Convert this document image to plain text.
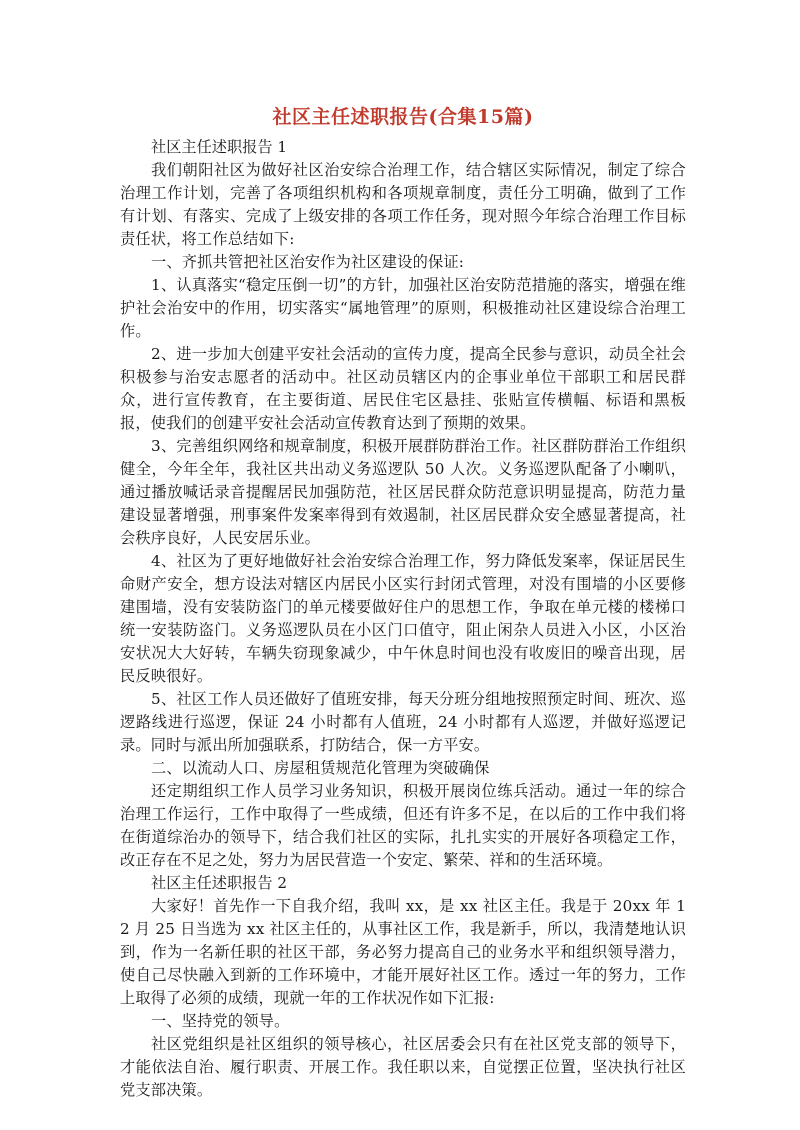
社区主任述职报告(合集15篇)

社区主任述职报告 1

我们朝阳社区为做好社区治安综合治理工作，结合辖区实际情况，制定了综合治理工作计划，完善了各项组织机构和各项规章制度，责任分工明确，做到了工作有计划、有落实、完成了上级安排的各项工作任务，现对照今年综合治理工作目标责任状，将工作总结如下:

一、齐抓共管把社区治安作为社区建设的保证:

1、认真落实“稳定压倒一切”的方针，加强社区治安防范措施的落实，增强在维护社会治安中的作用，切实落实“属地管理”的原则，积极推动社区建设综合治理工作。

2、进一步加大创建平安社会活动的宣传力度，提高全民参与意识，动员全社会积极参与治安志愿者的活动中。社区动员辖区内的企事业单位干部职工和居民群众，进行宣传教育，在主要街道、居民住宅区悬挂、张贴宣传横幅、标语和黑板报，使我们的创建平安社会活动宣传教育达到了预期的效果。

3、完善组织网络和规章制度，积极开展群防群治工作。社区群防群治工作组织健全，今年全年，我社区共出动义务巡逻队 50 人次。义务巡逻队配备了小喇叭，通过播放喊话录音提醒居民加强防范，社区居民群众防范意识明显提高，防范力量建设显著增强，刑事案件发案率得到有效遏制，社区居民群众安全感显著提高，社会秩序良好，人民安居乐业。

4、社区为了更好地做好社会治安综合治理工作，努力降低发案率，保证居民生命财产安全，想方设法对辖区内居民小区实行封闭式管理，对没有围墙的小区要修建围墙，没有安装防盗门的单元楼要做好住户的思想工作，争取在单元楼的楼梯口统一安装防盗门。义务巡逻队员在小区门口值守，阻止闲杂人员进入小区，小区治安状况大大好转，车辆失窃现象减少，中午休息时间也没有收废旧的噪音出现，居民反映很好。

5、社区工作人员还做好了值班安排，每天分班分组地按照预定时间、班次、巡逻路线进行巡逻，保证 24 小时都有人值班，24 小时都有人巡逻，并做好巡逻记录。同时与派出所加强联系，打防结合，保一方平安。

二、以流动人口、房屋租赁规范化管理为突破确保

还定期组织工作人员学习业务知识，积极开展岗位练兵活动。通过一年的综合治理工作运行，工作中取得了一些成绩，但还有许多不足，在以后的工作中我们将在街道综治办的领导下，结合我们社区的实际，扎扎实实的开展好各项稳定工作，改正存在不足之处，努力为居民营造一个安定、繁荣、祥和的生活环境。

社区主任述职报告 2

大家好！首先作一下自我介绍，我叫 xx，是 xx 社区主任。我是于 20xx 年 12 月 25 日当选为 xx 社区主任的，从事社区工作，我是新手，所以，我清楚地认识到，作为一名新任职的社区干部，务必努力提高自己的业务水平和组织领导潜力，使自己尽快融入到新的工作环境中，才能开展好社区工作。透过一年的努力，工作上取得了必须的成绩，现就一年的工作状况作如下汇报:

一、坚持党的领导。

社区党组织是社区组织的领导核心，社区居委会只有在社区党支部的领导下，才能依法自治、履行职责、开展工作。我任职以来，自觉摆正位置，坚决执行社区党支部决策。
